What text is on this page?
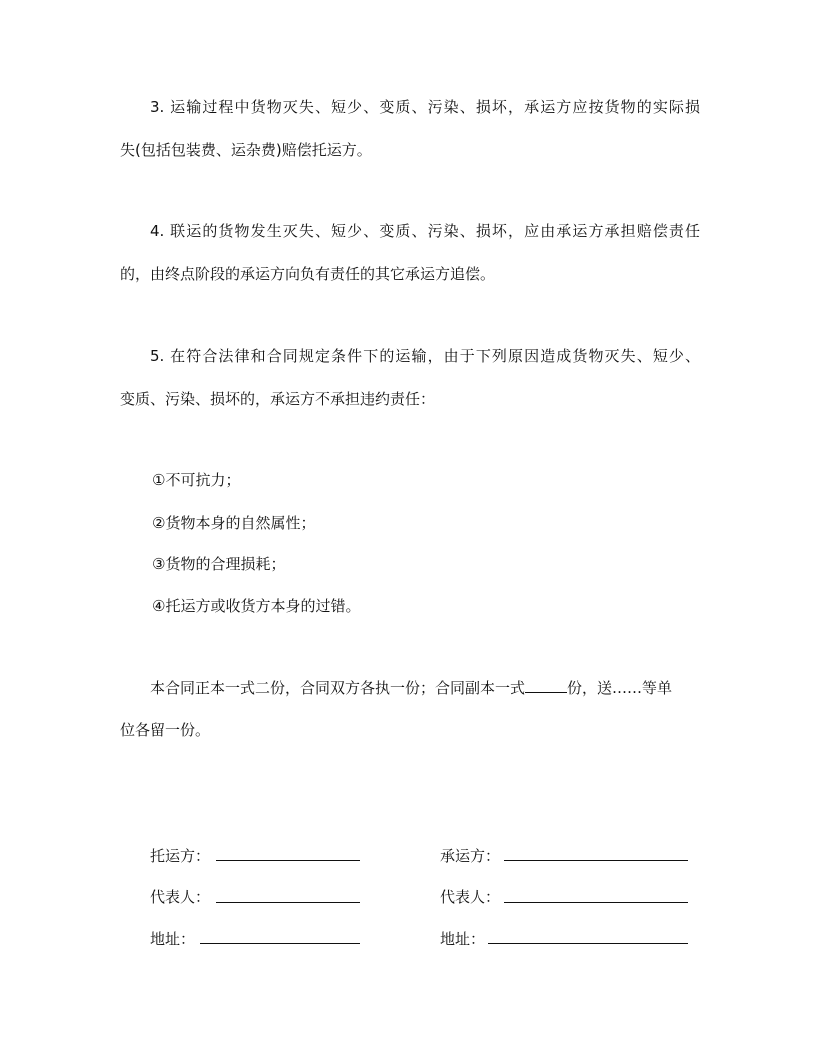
3. 运输过程中货物灭失、短少、变质、污染、损坏，承运方应按货物的实际损
失(包括包装费、运杂费)赔偿托运方。
4. 联运的货物发生灭失、短少、变质、污染、损坏，应由承运方承担赔偿责任
的，由终点阶段的承运方向负有责任的其它承运方追偿。
5. 在符合法律和合同规定条件下的运输，由于下列原因造成货物灭失、短少、
变质、污染、损坏的，承运方不承担违约责任：
①不可抗力；
②货物本身的自然属性；
③货物的合理损耗；
④托运方或收货方本身的过错。
本合同正本一式二份，合同双方各执一份；合同副本一式	份，送……等单
位各留一份。
托运方：	承运方：
代表人：	代表人：
地址：	地址：
